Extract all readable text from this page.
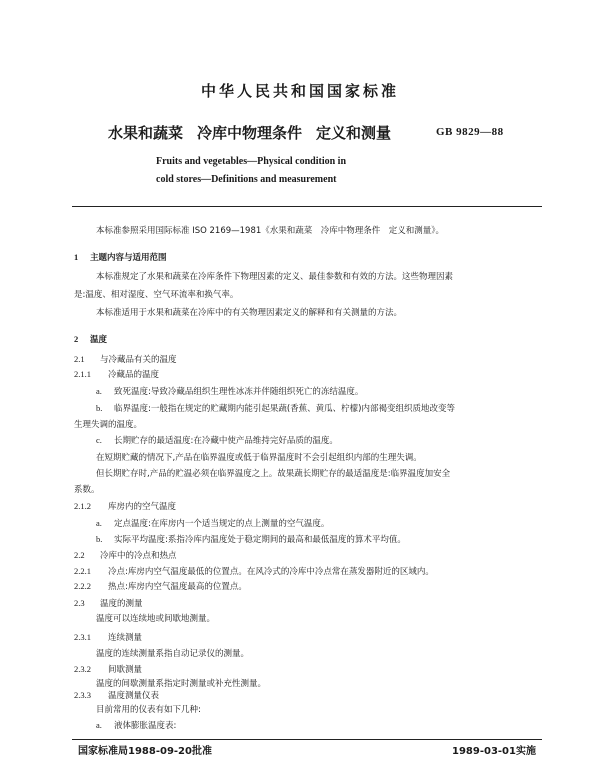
中华人民共和国国家标准
水果和蔬菜 冷库中物理条件 定义和测量	GB 9829—88
Fruits and vegetables—Physical condition in
cold stores—Definitions and measurement
本标准参照采用国际标准 ISO 2169—1981《水果和蔬菜　冷库中物理条件　定义和测量》。
1 主题内容与适用范围
本标准规定了水果和蔬菜在冷库条件下物理因素的定义、最佳参数和有效的方法。这些物理因素
是:温度、相对湿度、空气环流率和换气率。
本标准适用于水果和蔬菜在冷库中的有关物理因素定义的解释和有关测量的方法。
2 温度
2.1 与冷藏品有关的温度
2.1.1 冷藏品的温度
a. 致死温度:导致冷藏品组织生理性冰冻并伴随组织死亡的冻结温度。
b. 临界温度:一般指在规定的贮藏期内能引起果蔬(香蕉、黄瓜、柠檬)内部褐变组织质地改变等
生理失调的温度。
c. 长期贮存的最适温度:在冷藏中使产品维持完好品质的温度。
在短期贮藏的情况下,产品在临界温度或低于临界温度时不会引起组织内部的生理失调。
但长期贮存时,产品的贮温必须在临界温度之上。故果蔬长期贮存的最适温度是:临界温度加安全
系数。
2.1.2 库房内的空气温度
a. 定点温度:在库房内一个适当规定的点上测量的空气温度。
b. 实际平均温度:系指冷库内温度处于稳定期间的最高和最低温度的算术平均值。
2.2 冷库中的冷点和热点
2.2.1 冷点:库房内空气温度最低的位置点。在风冷式的冷库中冷点常在蒸发器附近的区域内。
2.2.2 热点:库房内空气温度最高的位置点。
2.3 温度的测量
温度可以连续地或间歇地测量。
2.3.1 连续测量
温度的连续测量系指自动记录仪的测量。
2.3.2 间歇测量
温度的间歇测量系指定时测量或补充性测量。
国家标准局1988-09-20批准	1989-03-01实施
2.3.3 温度测量仪表
目前常用的仪表有如下几种:
a. 液体膨胀温度表:
